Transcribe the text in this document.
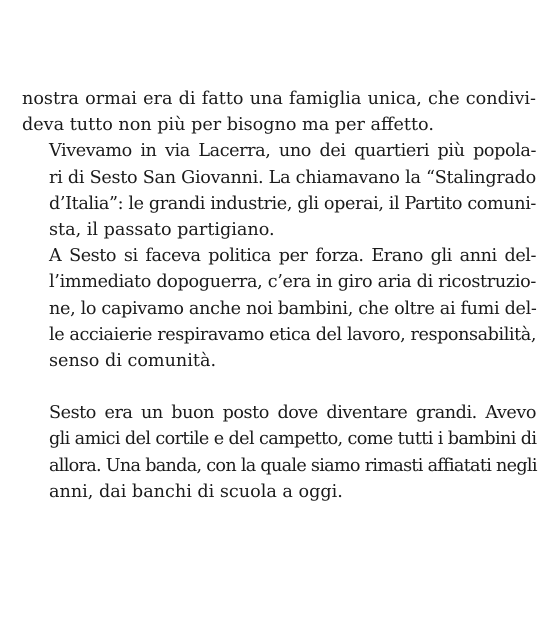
nostra ormai era di fatto una famiglia unica, che condivi-
deva tutto non più per bisogno ma per affetto.

Vivevamo in via Lacerra, uno dei quartieri più popola-
ri di Sesto San Giovanni. La chiamavano la “Stalingrado
d’Italia”: le grandi industrie, gli operai, il Partito comuni-
sta, il passato partigiano.

A Sesto si faceva politica per forza. Erano gli anni del-
l’immediato dopoguerra, c’era in giro aria di ricostruzio-
ne, lo capivamo anche noi bambini, che oltre ai fumi del-
le acciaierie respiravamo etica del lavoro, responsabilità,
senso di comunità.

Sesto era un buon posto dove diventare grandi. Avevo
gli amici del cortile e del campetto, come tutti i bambini di
allora. Una banda, con la quale siamo rimasti affiatati negli
anni, dai banchi di scuola a oggi.
